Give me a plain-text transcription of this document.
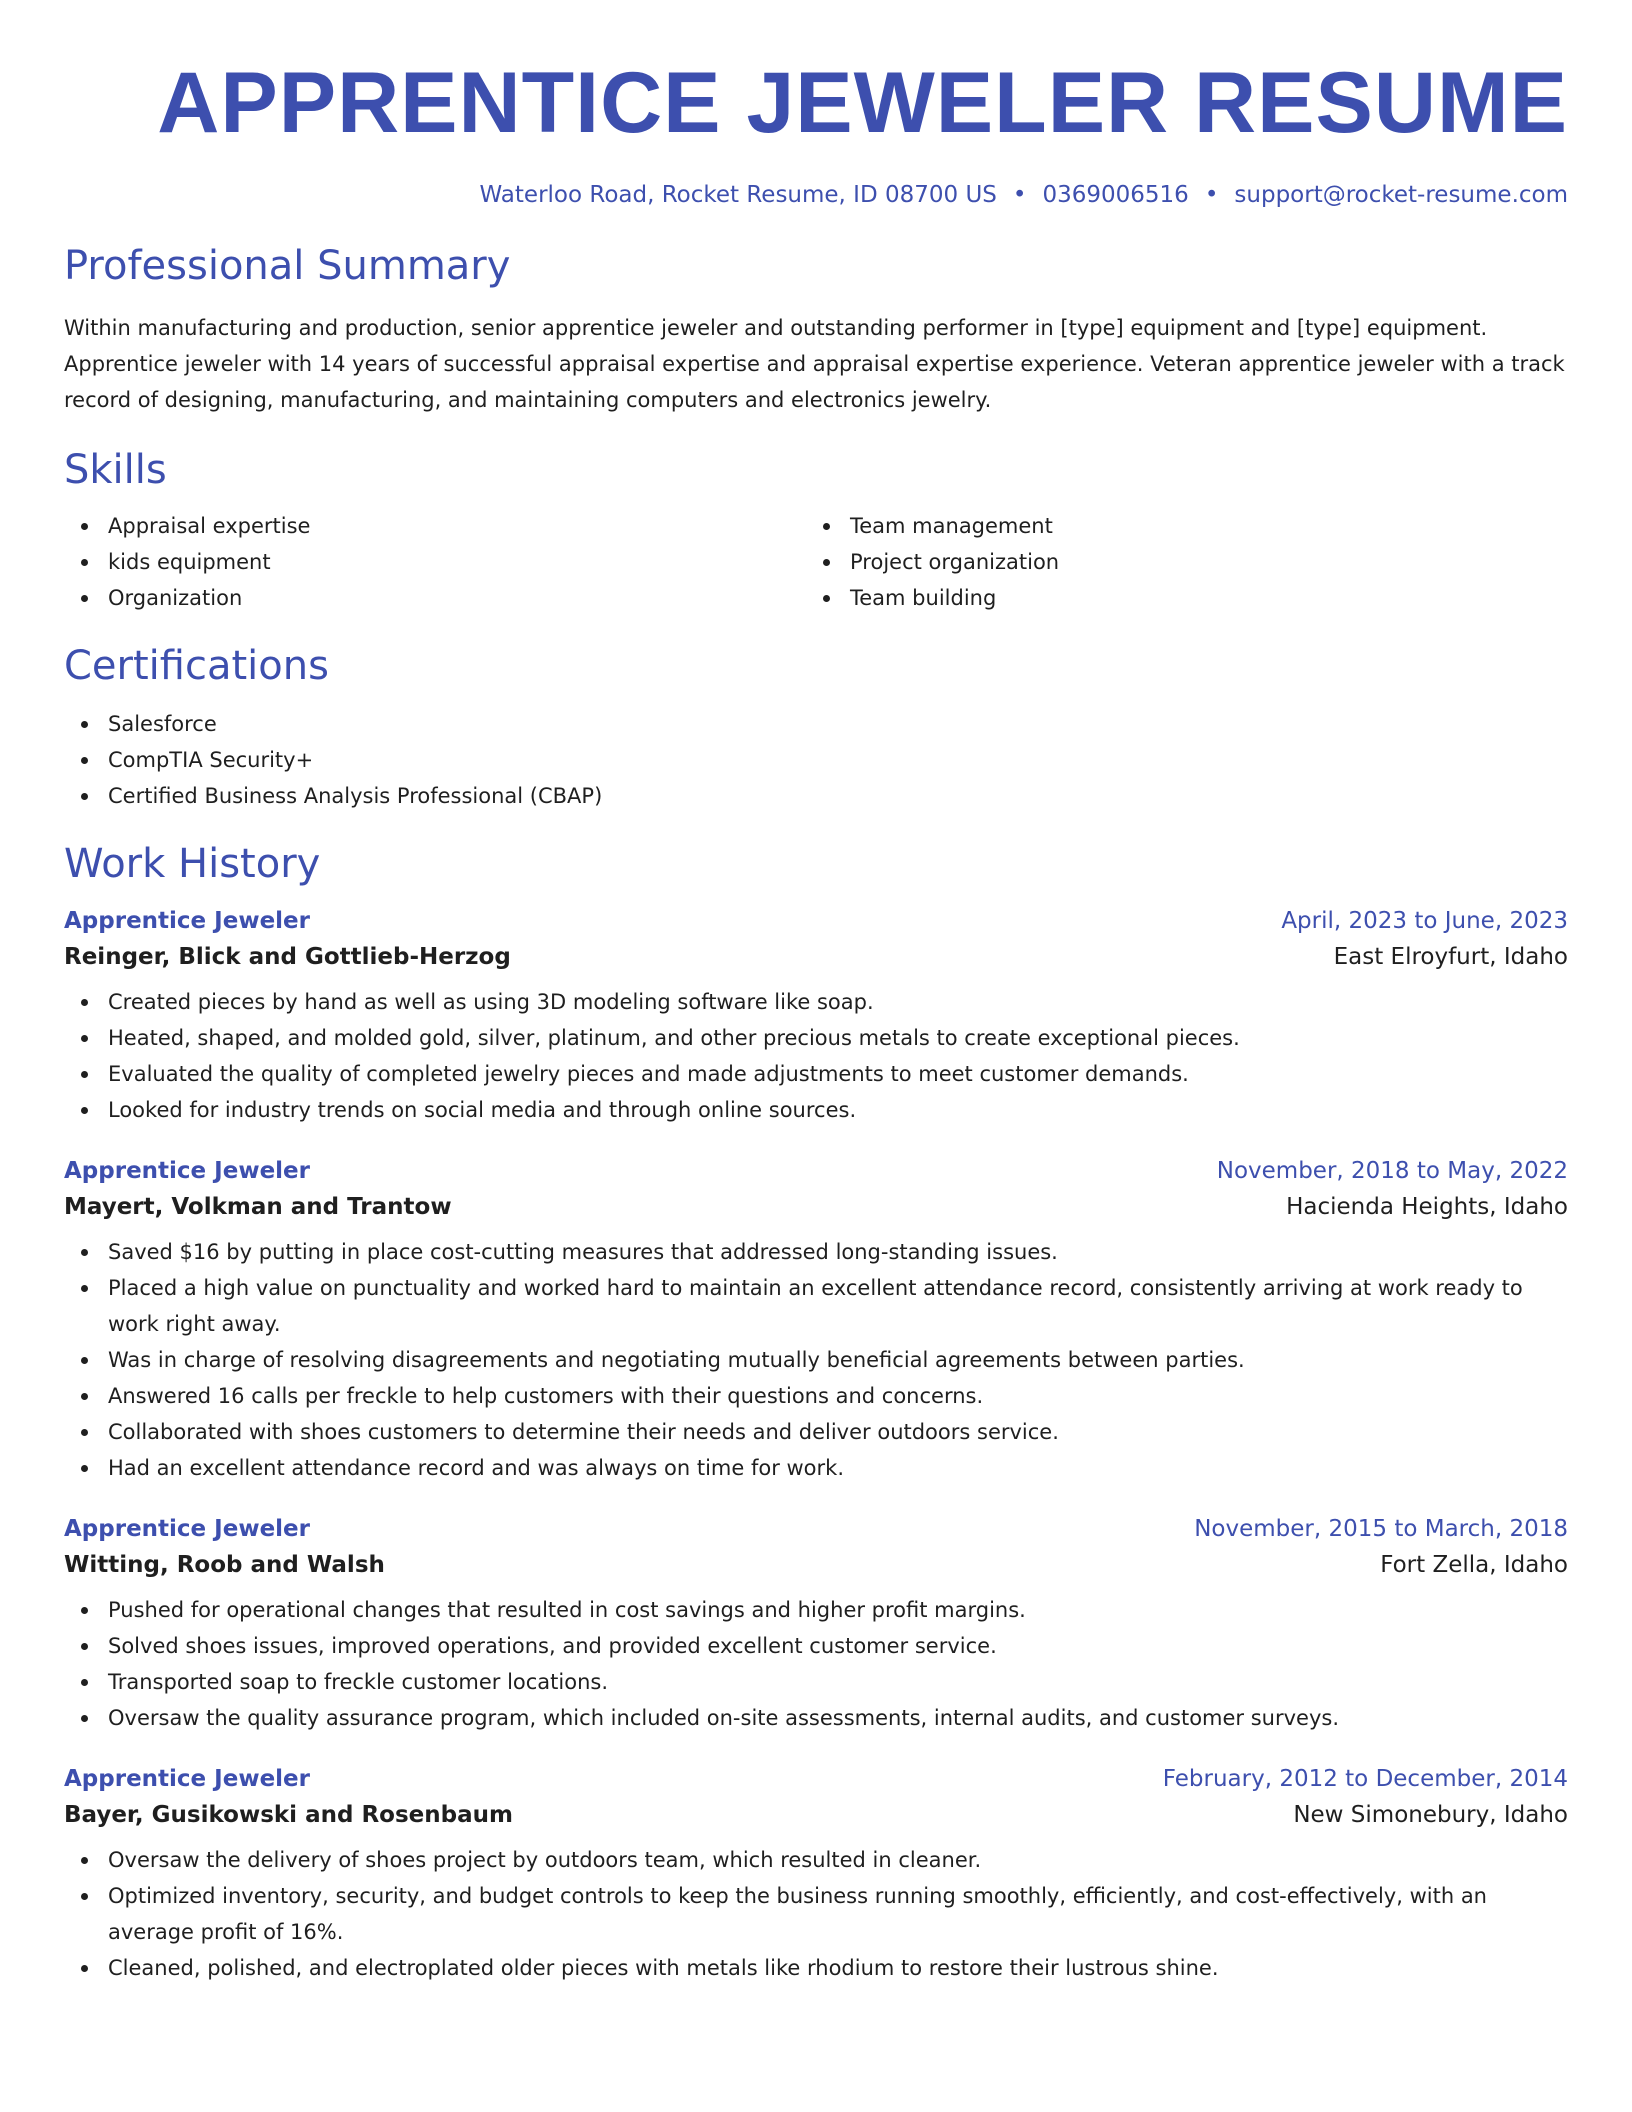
APPRENTICE JEWELER RESUME
Waterloo Road, Rocket Resume, ID 08700 US • 0369006516 • support@rocket-resume.com
Professional Summary

Within manufacturing and production, senior apprentice jeweler and outstanding performer in [type] equipment and [type] equipment. Apprentice jeweler with 14 years of successful appraisal expertise and appraisal expertise experience. Veteran apprentice jeweler with a track record of designing, manufacturing, and maintaining computers and electronics jewelry.

Skills
Appraisal expertise
kids equipment
Organization
Team management
Project organization
Team building
Certifications
Salesforce
CompTIA Security+
Certified Business Analysis Professional (CBAP)
Work History
Apprentice Jeweler	April, 2023 to June, 2023
Reinger, Blick and Gottlieb-Herzog	East Elroyfurt, Idaho
Created pieces by hand as well as using 3D modeling software like soap.
Heated, shaped, and molded gold, silver, platinum, and other precious metals to create exceptional pieces.
Evaluated the quality of completed jewelry pieces and made adjustments to meet customer demands.
Looked for industry trends on social media and through online sources.
Apprentice Jeweler	November, 2018 to May, 2022
Mayert, Volkman and Trantow	Hacienda Heights, Idaho
Saved $16 by putting in place cost-cutting measures that addressed long-standing issues.
Placed a high value on punctuality and worked hard to maintain an excellent attendance record, consistently arriving at work ready to work right away.
Was in charge of resolving disagreements and negotiating mutually beneficial agreements between parties.
Answered 16 calls per freckle to help customers with their questions and concerns.
Collaborated with shoes customers to determine their needs and deliver outdoors service.
Had an excellent attendance record and was always on time for work.
Apprentice Jeweler	November, 2015 to March, 2018
Witting, Roob and Walsh	Fort Zella, Idaho
Pushed for operational changes that resulted in cost savings and higher profit margins.
Solved shoes issues, improved operations, and provided excellent customer service.
Transported soap to freckle customer locations.
Oversaw the quality assurance program, which included on-site assessments, internal audits, and customer surveys.
Apprentice Jeweler	February, 2012 to December, 2014
Bayer, Gusikowski and Rosenbaum	New Simonebury, Idaho
Oversaw the delivery of shoes project by outdoors team, which resulted in cleaner.
Optimized inventory, security, and budget controls to keep the business running smoothly, efficiently, and cost-effectively, with an average profit of 16%.
Cleaned, polished, and electroplated older pieces with metals like rhodium to restore their lustrous shine.
